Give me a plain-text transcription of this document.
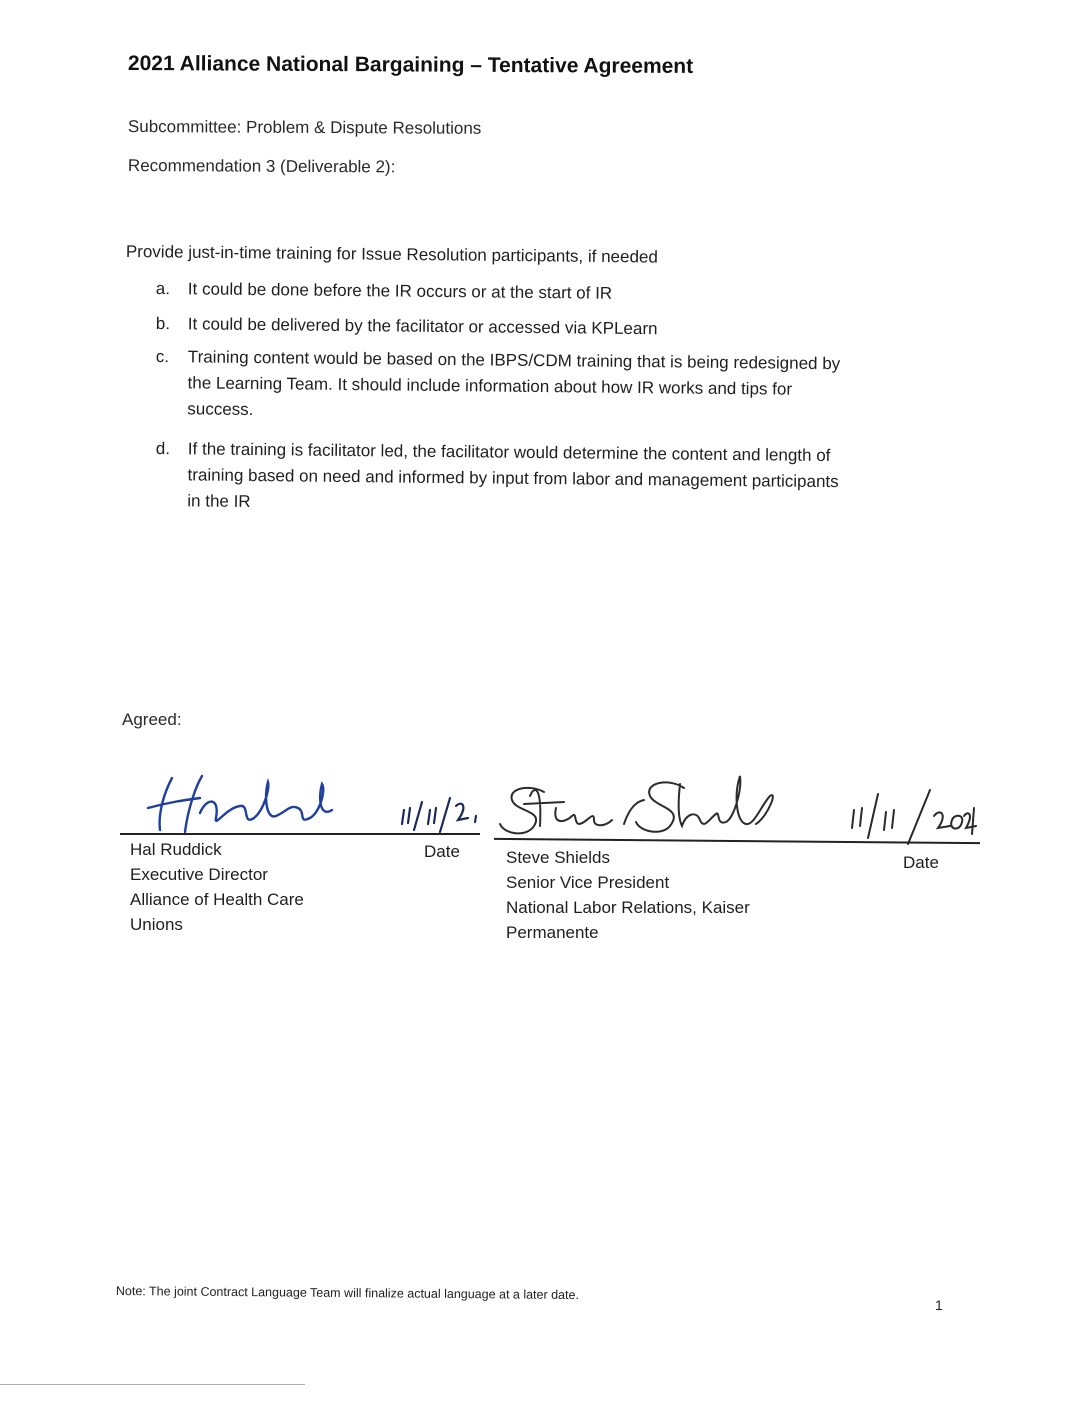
2021 Alliance National Bargaining – Tentative Agreement
Subcommittee: Problem & Dispute Resolutions
Recommendation 3 (Deliverable 2):
Provide just-in-time training for Issue Resolution participants, if needed
a.	It could be done before the IR occurs or at the start of IR
b.	It could be delivered by the facilitator or accessed via KPLearn
c.	Training content would be based on the IBPS/CDM training that is being redesigned by
the Learning Team. It should include information about how IR works and tips for
success.
d.	If the training is facilitator led, the facilitator would determine the content and length of
training based on need and informed by input from labor and management participants
in the IR
Agreed:
Hal Ruddick
Executive Director
Alliance of Health Care
Unions
Date	Steve Shields
Senior Vice President
National Labor Relations, Kaiser
Permanente
Date
Note: The joint Contract Language Team will finalize actual language at a later date.
1
